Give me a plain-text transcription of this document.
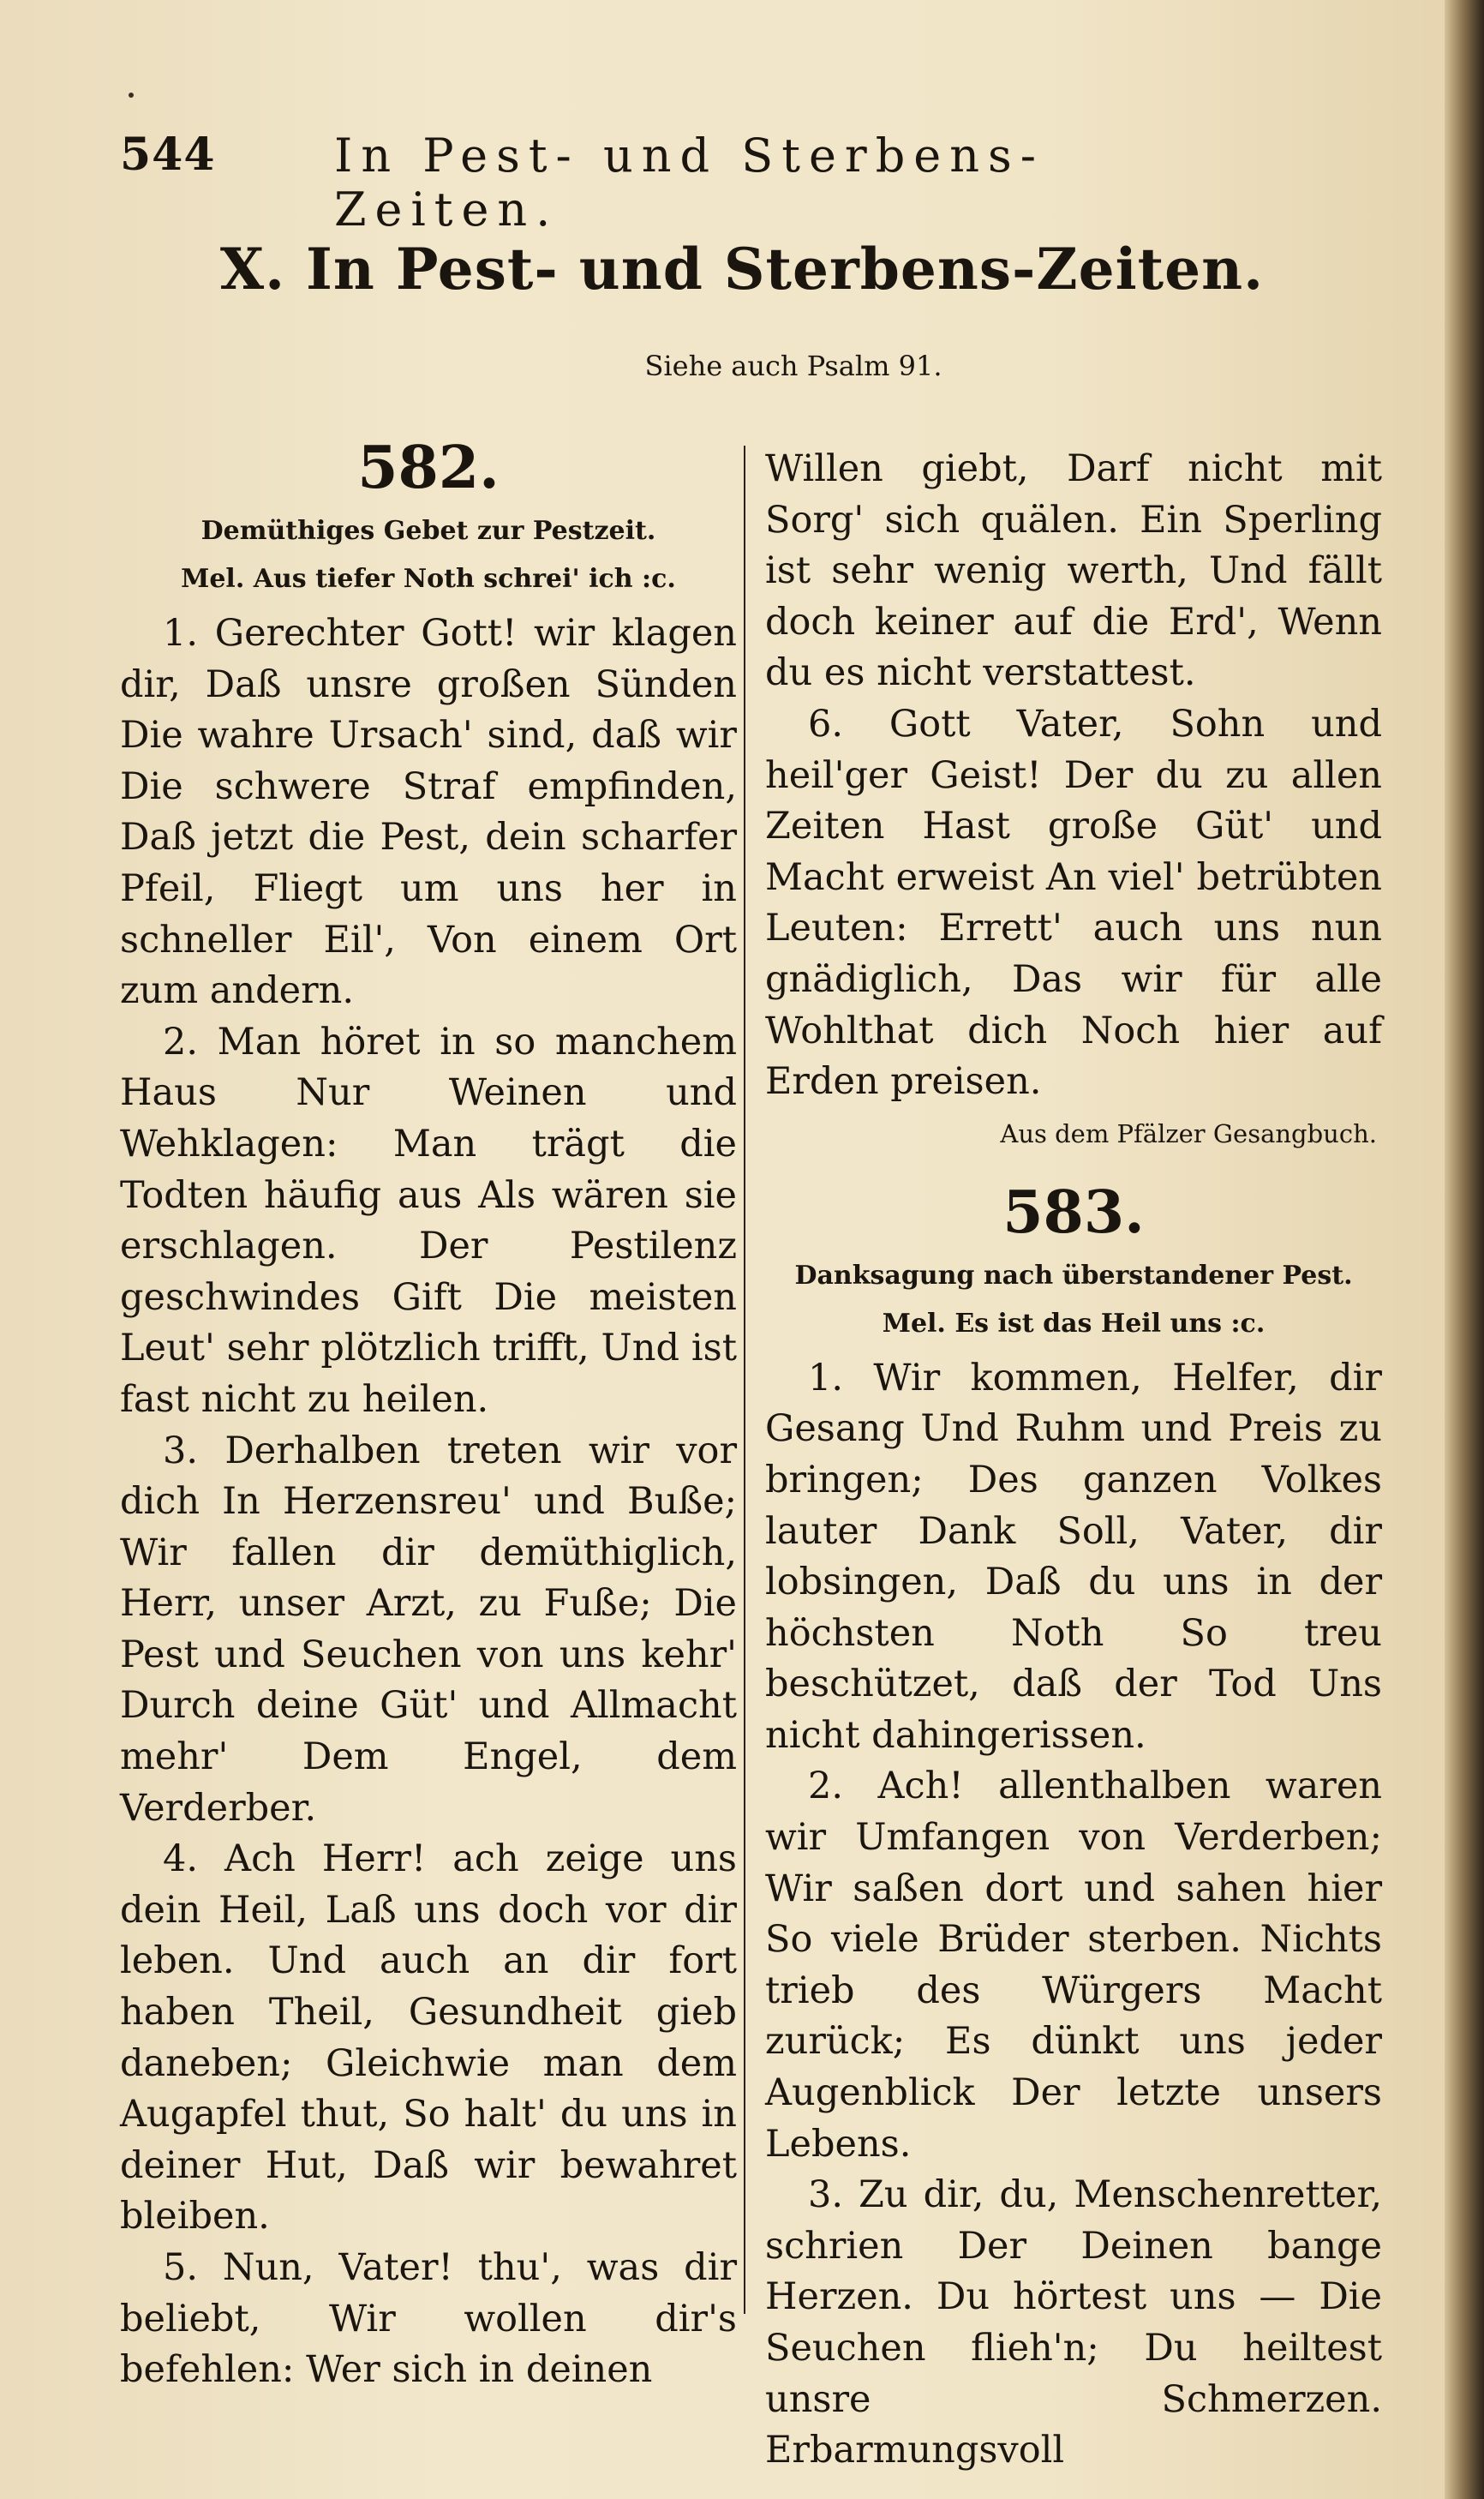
544	In Pest- und Sterbens-Zeiten.
X. In Pest- und Sterbens-Zeiten.
Siehe auch Psalm 91.

582.

Demüthiges Gebet zur Pestzeit.

Mel. Aus tiefer Noth schrei' ich :c.

1. Gerechter Gott! wir klagen dir, Daß unsre großen Sünden Die wahre Ursach' sind, daß wir Die schwere Straf empfinden, Daß jetzt die Pest, dein scharfer Pfeil, Fliegt um uns her in schneller Eil', Von einem Ort zum andern.

2. Man höret in so manchem Haus Nur Weinen und Wehklagen: Man trägt die Todten häufig aus Als wären sie erschlagen. Der Pestilenz geschwindes Gift Die meisten Leut' sehr plötzlich trifft, Und ist fast nicht zu heilen.

3. Derhalben treten wir vor dich In Herzensreu' und Buße; Wir fallen dir demüthiglich, Herr, unser Arzt, zu Fuße; Die Pest und Seuchen von uns kehr' Durch deine Güt' und Allmacht mehr' Dem Engel, dem Verderber.

4. Ach Herr! ach zeige uns dein Heil, Laß uns doch vor dir leben. Und auch an dir fort haben Theil, Gesundheit gieb daneben; Gleichwie man dem Augapfel thut, So halt' du uns in deiner Hut, Daß wir bewahret bleiben.

5. Nun, Vater! thu', was dir beliebt, Wir wollen dir's befehlen: Wer sich in deinen

Willen giebt, Darf nicht mit Sorg' sich quälen. Ein Sperling ist sehr wenig werth, Und fällt doch keiner auf die Erd', Wenn du es nicht verstattest.

6. Gott Vater, Sohn und heil'ger Geist! Der du zu allen Zeiten Hast große Güt' und Macht erweist An viel' betrübten Leuten: Errett' auch uns nun gnädiglich, Das wir für alle Wohlthat dich Noch hier auf Erden preisen.

Aus dem Pfälzer Gesangbuch.

583.

Danksagung nach überstandener Pest.

Mel. Es ist das Heil uns :c.

1. Wir kommen, Helfer, dir Gesang Und Ruhm und Preis zu bringen; Des ganzen Volkes lauter Dank Soll, Vater, dir lobsingen, Daß du uns in der höchsten Noth So treu beschützet, daß der Tod Uns nicht dahingerissen.

2. Ach! allenthalben waren wir Umfangen von Verderben; Wir saßen dort und sahen hier So viele Brüder sterben. Nichts trieb des Würgers Macht zurück; Es dünkt uns jeder Augenblick Der letzte unsers Lebens.

3. Zu dir, du, Menschenretter, schrien Der Deinen bange Herzen. Du hörtest uns — Die Seuchen flieh'n; Du heiltest unsre Schmerzen. Erbarmungsvoll
